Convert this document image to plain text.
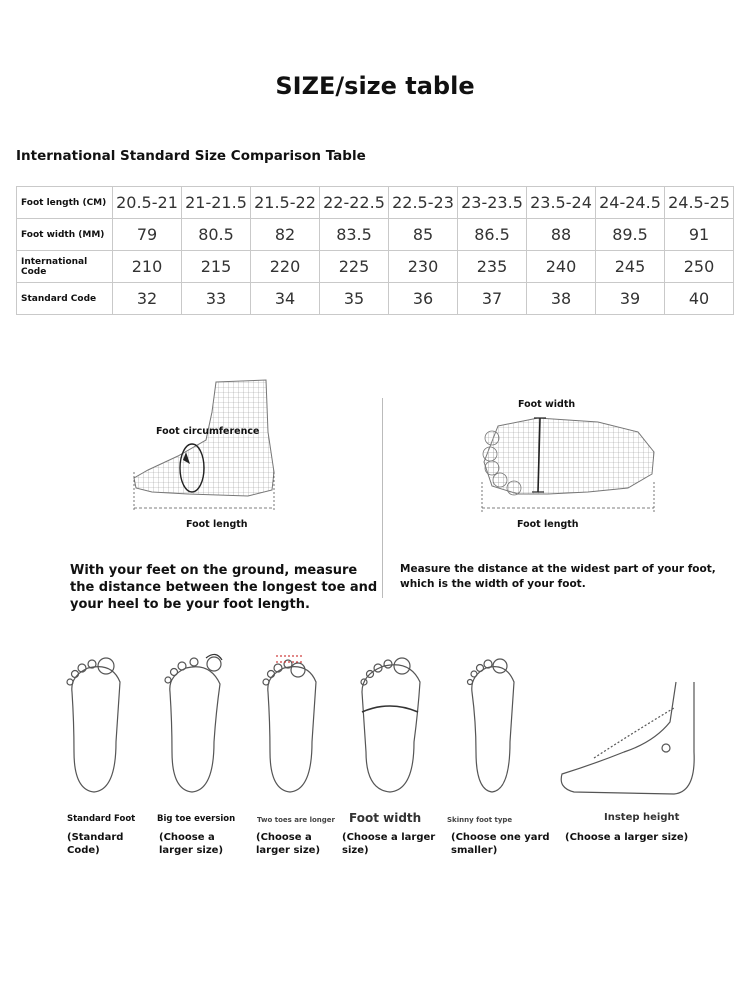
SIZE/size table
International Standard Size Comparison Table
Foot length (CM)	20.5-21	21-21.5	21.5-22	22-22.5	22.5-23	23-23.5	23.5-24	24-24.5	24.5-25
Foot width (MM)	79	80.5	82	83.5	85	86.5	88	89.5	91
International Code	210	215	220	225	230	235	240	245	250
Standard Code	32	33	34	35	36	37	38	39	40
Foot circumference
Foot length
Foot width
Foot length
With your feet on the ground, measure the distance between the longest toe and your heel to be your foot length.
Measure the distance at the widest part of your foot, which is the width of your foot.
Standard Foot	Big toe eversion	Two toes are longer Foot width	Skinny foot type	Instep height
(Standard Code)
(Choose a larger size)
(Choose a larger size)
(Choose a larger size)
(Choose one yard smaller)
(Choose a larger size)
